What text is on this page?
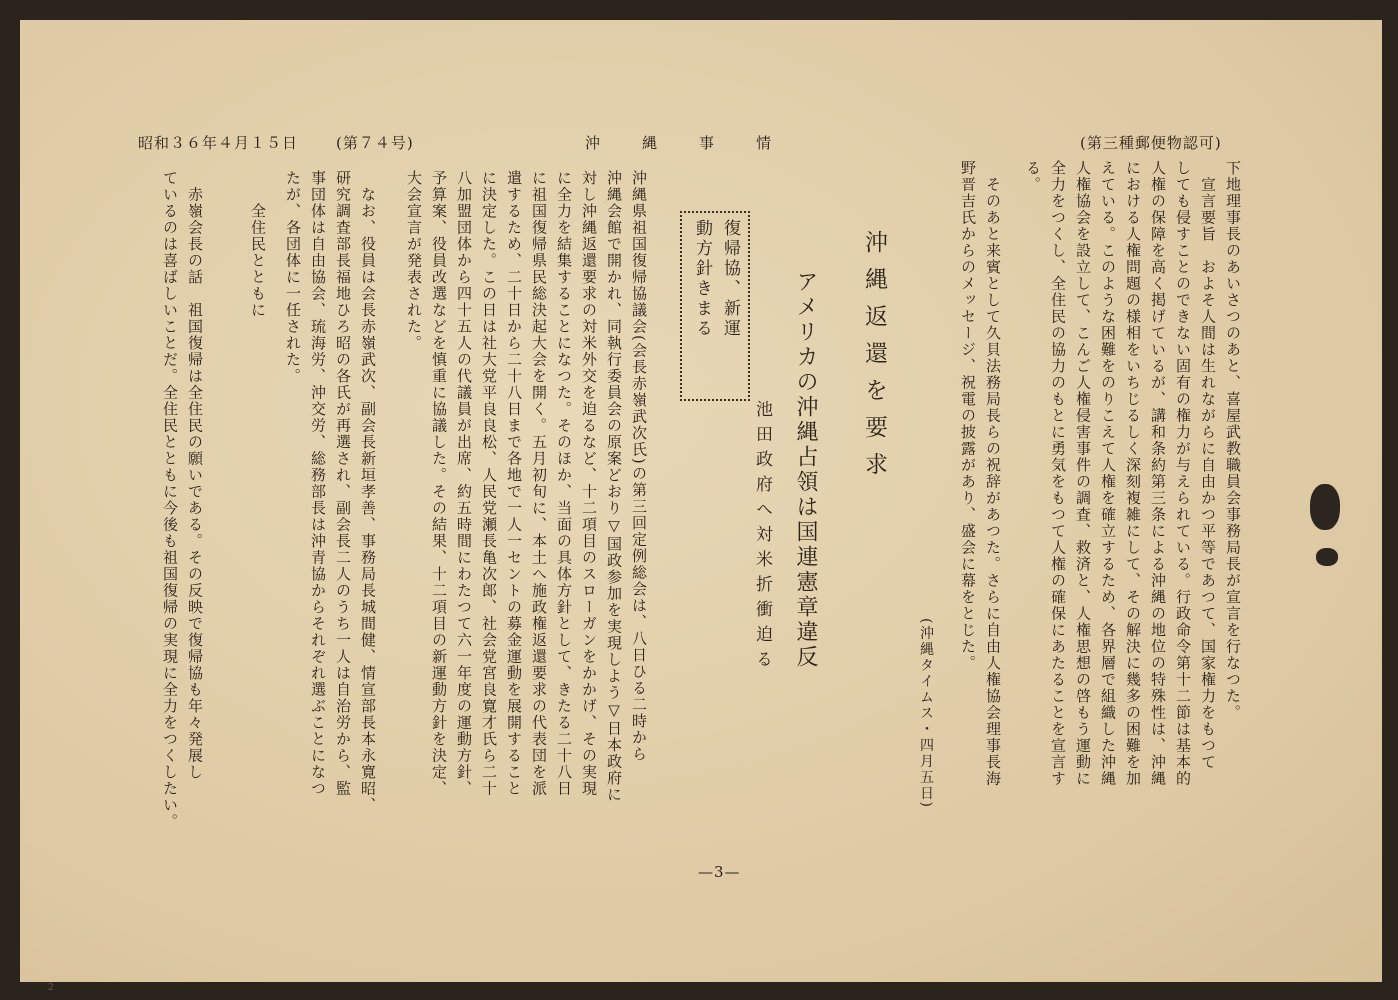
昭和３６年４月１５日	(第７４号)	沖　　縄　　事　　情	(第三種郵便物認可)
下地理事長のあいさつのあと、喜屋武教職員会事務局長が宣言を行なつた。
　宣言要旨　およそ人間は生れながらに自由かつ平等であつて、国家権力をもつて
しても侵すことのできない固有の権力が与えられている。行政命令第十二節は基本的
人権の保障を高く掲げているが、講和条約第三条による沖縄の地位の特殊性は、沖縄
における人権問題の様相をいちじるしく深刻複雑にして、その解決に幾多の困難を加
えている。このような困難をのりこえて人権を確立するため、各界層で組織した沖縄
人権協会を設立して、こんご人権侵害事件の調査、救済と、人権思想の啓もう運動に
全力をつくし、全住民の協力のもとに勇気をもつて人権の確保にあたることを宣言す
る。
　そのあと来賓として久貝法務局長らの祝辞があつた。さらに自由人権協会理事長海
野晋吉氏からのメッセージ、祝電の披露があり、盛会に幕をとじた。
(沖縄タイムス・四月五日)
沖縄返還を要求
アメリカの沖縄占領は国連憲章違反
池田政府へ対米折衝迫る
復帰協、新運
動方針きまる
沖縄県祖国復帰協議会(会長赤嶺武次氏)の第三回定例総会は、八日ひる二時から
沖縄会館で開かれ、同執行委員会の原案どおり▽国政参加を実現しよう▽日本政府に
対し沖縄返還要求の対米外交を迫るなど、十二項目のスローガンをかかげ、その実現
に全力を結集することになつた。そのほか、当面の具体方針として、きたる二十八日
に祖国復帰県民総決起大会を開く。五月初旬に、本土へ施政権返還要求の代表団を派
遣するため、二十日から二十八日まで各地で一人一セントの募金運動を展開すること
に決定した。この日は社大党平良良松、人民党瀬長亀次郎、社会党宮良寛才氏ら二十
八加盟団体から四十五人の代議員が出席、約五時間にわたつて六一年度の運動方針、
予算案、役員改選などを慎重に協議した。その結果、十二項目の新運動方針を決定、
大会宣言が発表された。
　なお、役員は会長赤嶺武次、副会長新垣孝善、事務局長城間健、情宣部長本永寛昭、
研究調査部長福地ひろ昭の各氏が再選され、副会長二人のうち一人は自治労から、監
事団体は自由協会、琉海労、沖交労、総務部長は沖青協からそれぞれ選ぶことになつ
たが、各団体に一任された。
　　全住民とともに
　赤嶺会長の話　祖国復帰は全住民の願いである。その反映で復帰協も年々発展し
ているのは喜ばしいことだ。全住民とともに今後も祖国復帰の実現に全力をつくしたい。
—3—
2
